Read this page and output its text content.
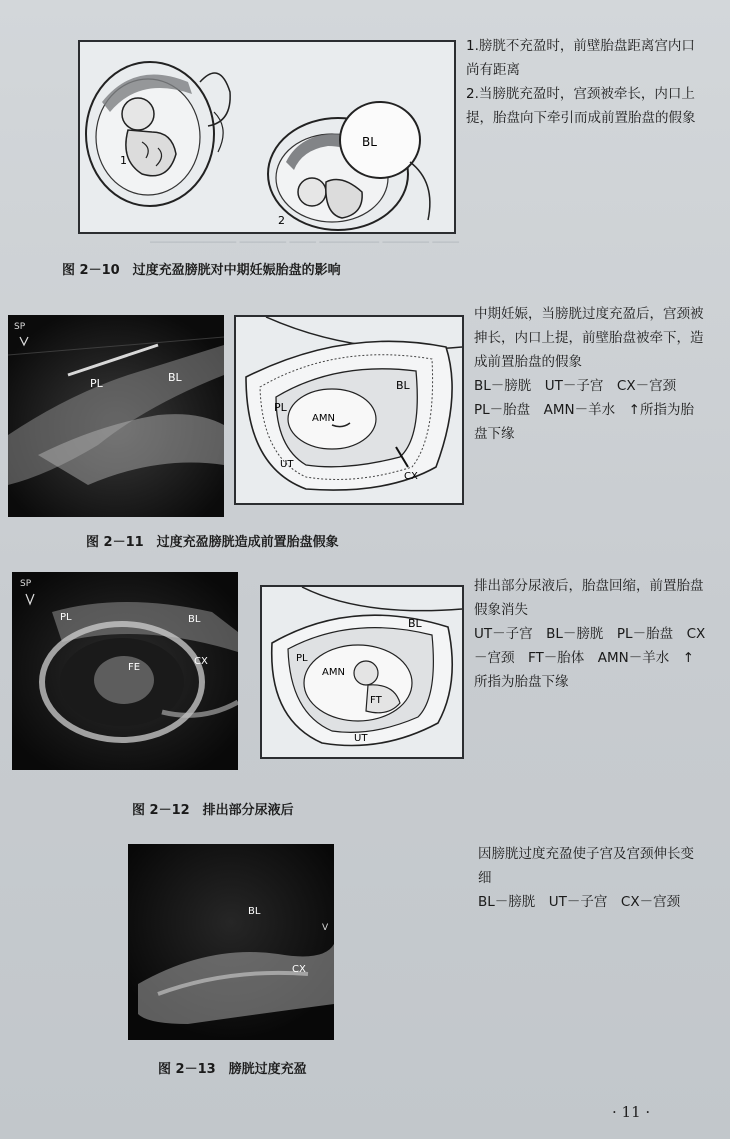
───────────── ─────── ──── ───────── ─────── ────
1
BL
2

1.膀胱不充盈时，前壁胎盘距离宫内口尚有距离

2.当膀胱充盈时，宫颈被牵长，内口上提，胎盘向下牵引而成前置胎盘的假象

图 2－10　过度充盈膀胱对中期妊娠胎盘的影响
SP
PL	BL
PL
AMN
BL
UT
CX

中期妊娠，当膀胱过度充盈后，宫颈被抻长，内口上提，前壁胎盘被牵下，造成前置胎盘的假象

BL－膀胱　UT－子宫　CX－宫颈　PL－胎盘　AMN－羊水　↑所指为胎盘下缘

图 2－11　过度充盈膀胱造成前置胎盘假象
SP
PL	BL
FE
CX	PL
AMN
BL
FT
UT

排出部分尿液后，胎盘回缩，前置胎盘假象消失

UT－子宫　BL－膀胱　PL－胎盘　CX－宫颈　FT－胎体　AMN－羊水　↑所指为胎盘下缘

图 2－12　排出部分尿液后
BL
CX
V

因膀胱过度充盈使子宫及宫颈伸长变细

BL－膀胱　UT－子宫　CX－宫颈

图 2－13　膀胱过度充盈
· 11 ·
